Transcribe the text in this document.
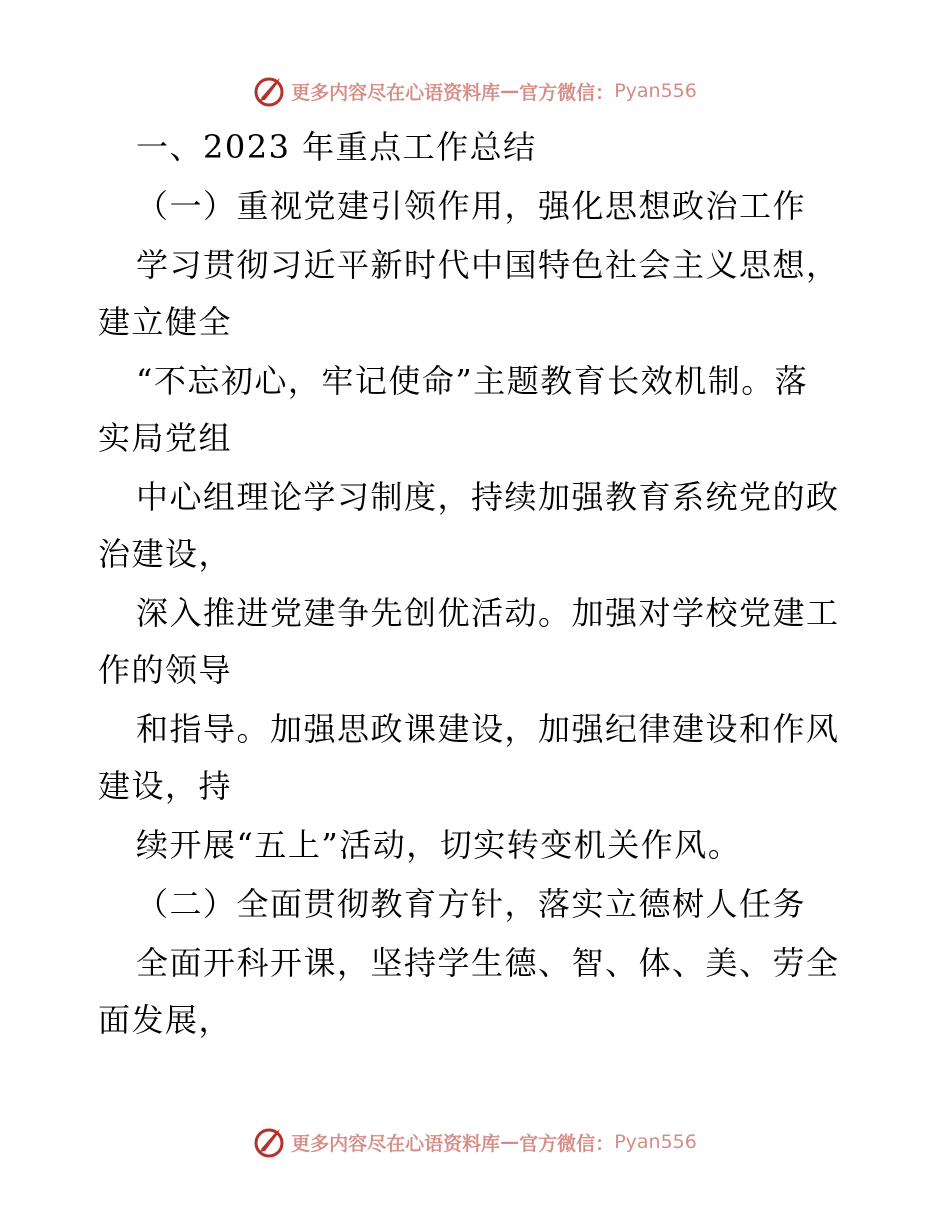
更多内容尽在心语资料库 — 官方微信： Pyan556
一、2023 年重点工作总结
（一）重视党建引领作用，强化思想政治工作
学习贯彻习近平新时代中国特色社会主义思想，
建立健全
“不忘初心，牢记使命”主题教育长效机制。落
实局党组
中心组理论学习制度，持续加强教育系统党的政
治建设，
深入推进党建争先创优活动。加强对学校党建工
作的领导
和指导。加强思政课建设，加强纪律建设和作风
建设，持
续开展“五上”活动，切实转变机关作风。
（二）全面贯彻教育方针，落实立德树人任务
全面开科开课，坚持学生德、智、体、美、劳全
面发展，
更多内容尽在心语资料库 — 官方微信： Pyan556
